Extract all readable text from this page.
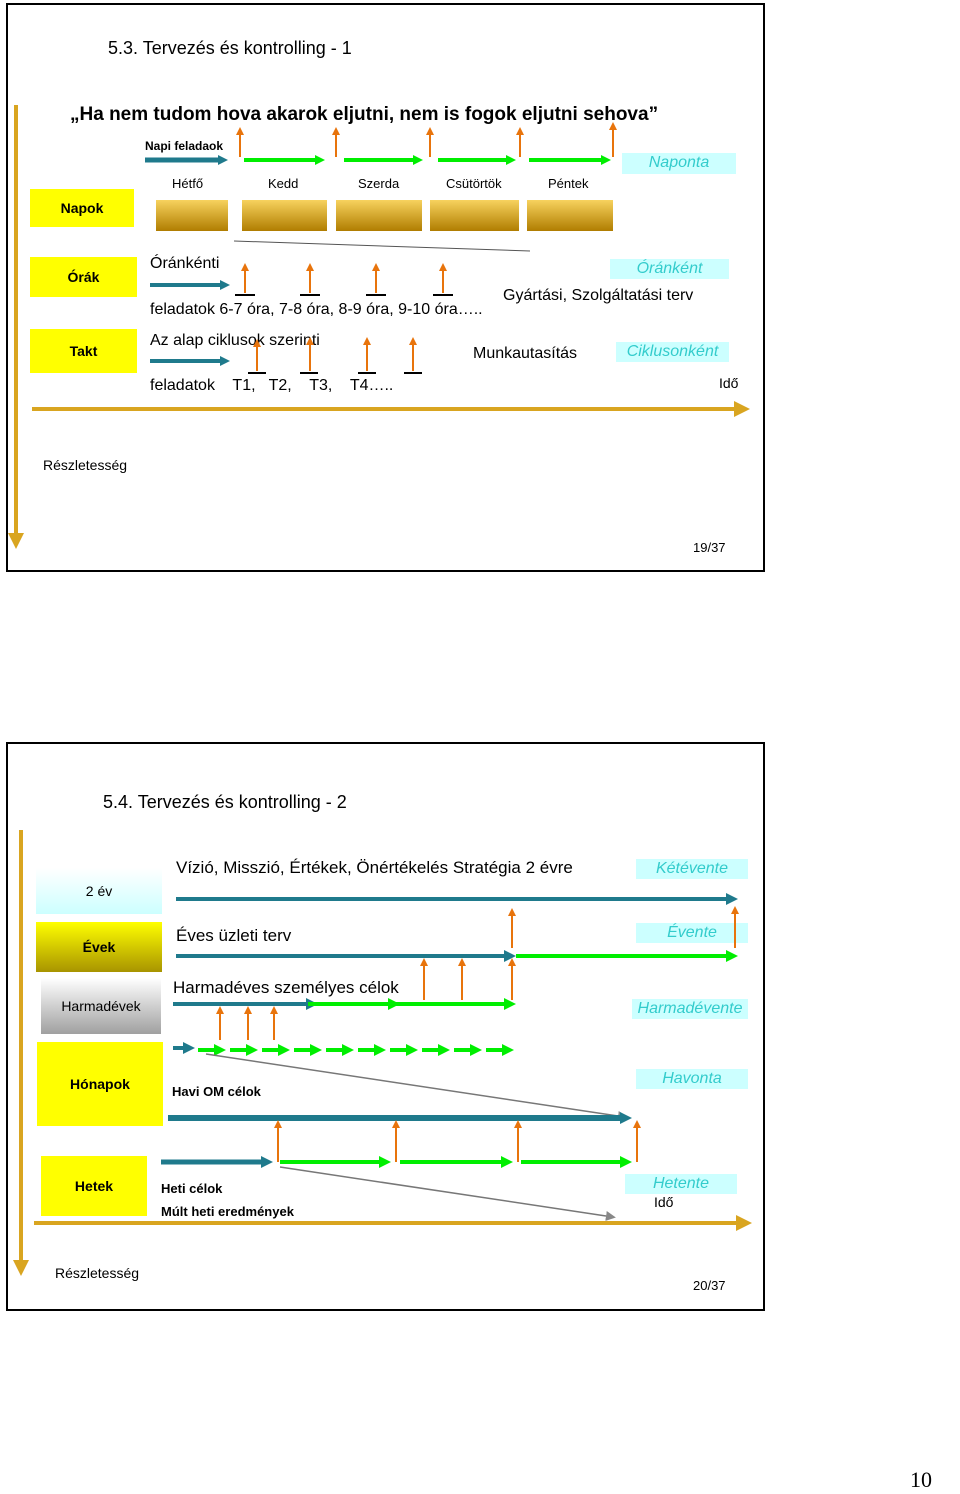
5.3. Tervezés és kontrolling - 1
„Ha nem tudom hova akarok eljutni, nem is fogok eljutni sehova”
Napi feladaok
Hétfő	Kedd	Szerda	Csütörtök	Péntek
Napok
Órák
Takt
Naponta
Óránként
Ciklusonként
Óránkénti
Gyártási, Szolgáltatási terv
feladatok 6-7 óra, 7-8 óra, 8-9 óra, 9-10 óra…..
Az alap ciklusok szerinti
Munkautasítás
feladatok    T1,   T2,    T3,    T4…..	Idő
Részletesség
19/37
5.4. Tervezés és kontrolling - 2
2 év
Évek
Harmadévek
Hónapok
Hetek
Vízió, Misszió, Értékek, Önértékelés Stratégia 2 évre
Éves üzleti terv
Harmadéves személyes célok
Havi OM célok
Heti célok
Múlt heti eredmények
Kétévente
Évente
Harmadévente
Havonta
Hetente
Idő
Részletesség
20/37
10
